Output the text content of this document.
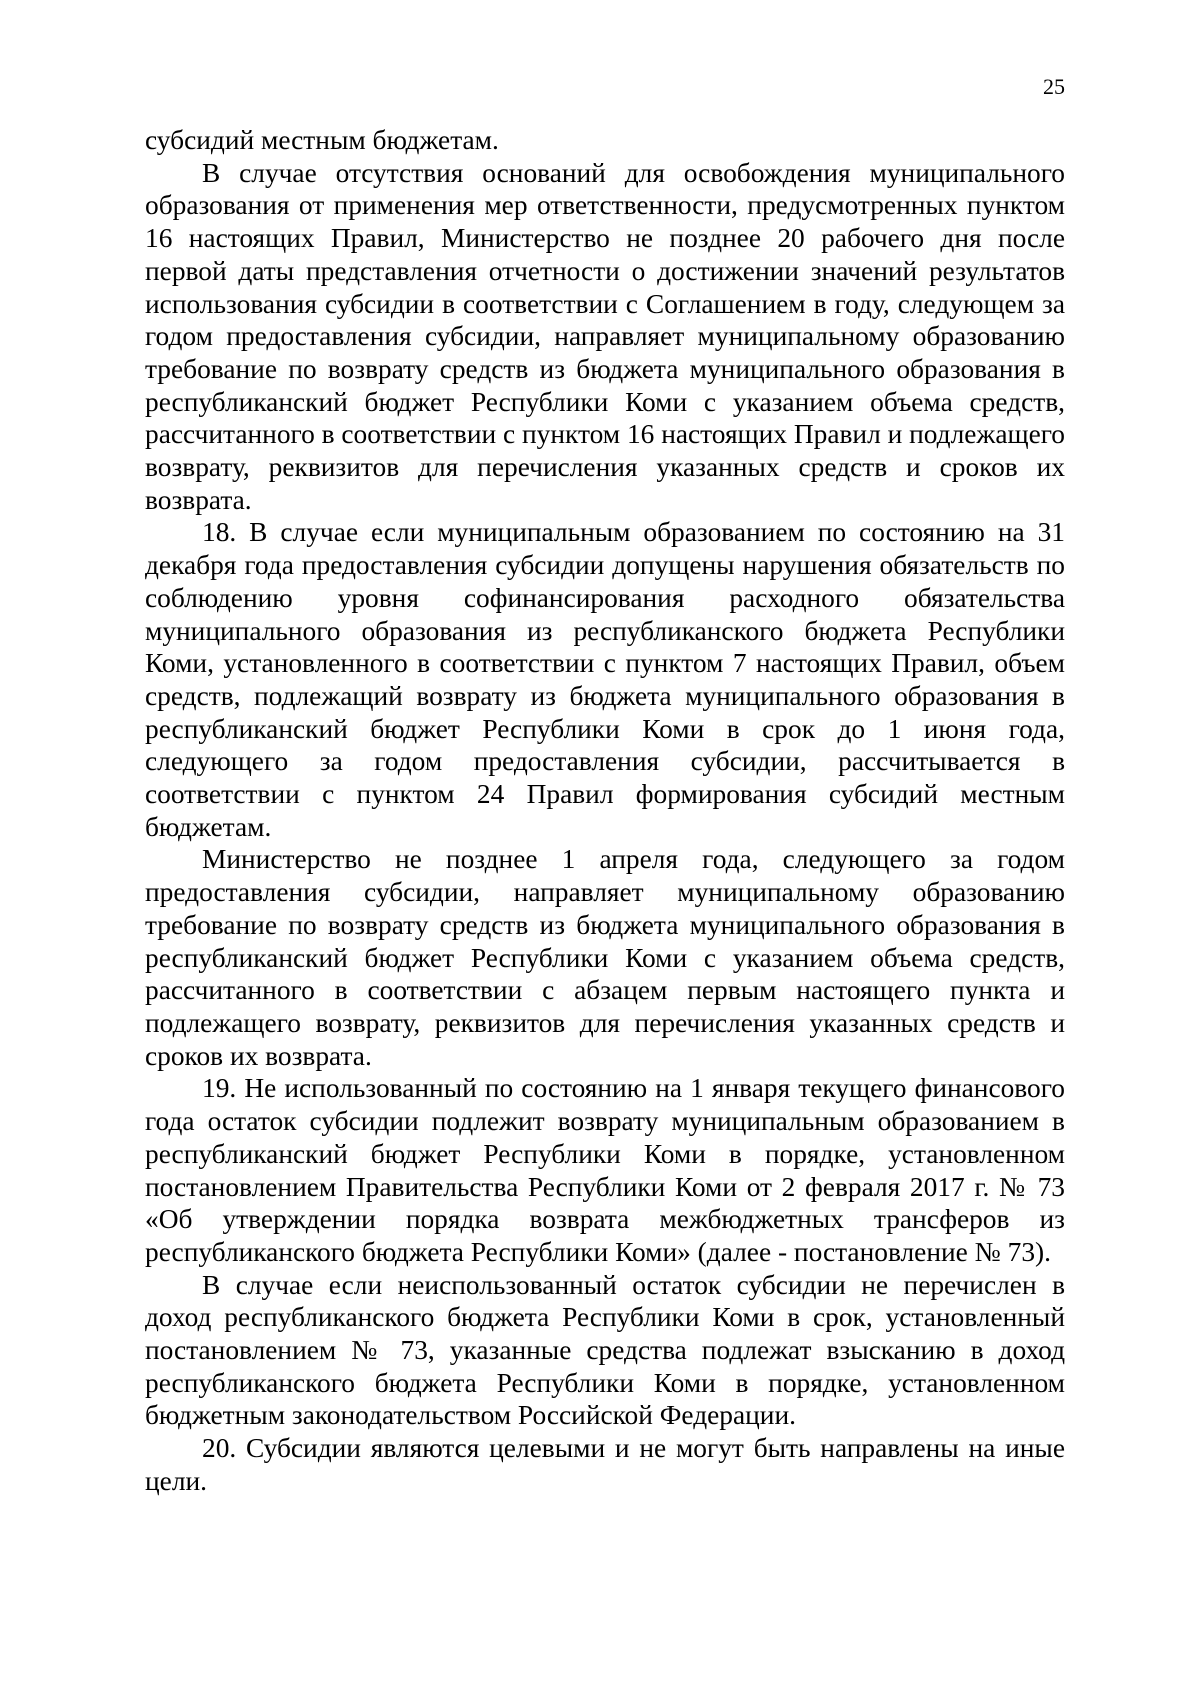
25

субсидий местным бюджетам.

В случае отсутствия оснований для освобождения муниципального образования от применения мер ответственности, предусмотренных пунктом 16 настоящих Правил, Министерство не позднее 20 рабочего дня после первой даты представления отчетности о достижении значений результатов использования субсидии в соответствии с Соглашением в году, следующем за годом предоставления субсидии, направляет муниципальному образованию требование по возврату средств из бюджета муниципального образования в республиканский бюджет Республики Коми с указанием объема средств, рассчитанного в соответствии с пунктом 16 настоящих Правил и подлежащего возврату, реквизитов для перечисления указанных средств и сроков их возврата.

18. В случае если муниципальным образованием по состоянию на 31 декабря года предоставления субсидии допущены нарушения обязательств по соблюдению уровня софинансирования расходного обязательства муниципального образования из республиканского бюджета Республики Коми, установленного в соответствии с пунктом 7 настоящих Правил, объем средств, подлежащий возврату из бюджета муниципального образования в республиканский бюджет Республики Коми в срок до 1 июня года, следующего за годом предоставления субсидии, рассчитывается в соответствии с пунктом 24 Правил формирования субсидий местным бюджетам.

Министерство не позднее 1 апреля года, следующего за годом предоставления субсидии, направляет муниципальному образованию требование по возврату средств из бюджета муниципального образования в республиканский бюджет Республики Коми с указанием объема средств, рассчитанного в соответствии с абзацем первым настоящего пункта и подлежащего возврату, реквизитов для перечисления указанных средств и сроков их возврата.

19. Не использованный по состоянию на 1 января текущего финансового года остаток субсидии подлежит возврату муниципальным образованием в республиканский бюджет Республики Коми в порядке, установленном постановлением Правительства Республики Коми от 2 февраля 2017 г. № 73 «Об утверждении порядка возврата межбюджетных трансферов из республиканского бюджета Республики Коми» (далее - постановление № 73).

В случае если неиспользованный остаток субсидии не перечислен в доход республиканского бюджета Республики Коми в срок, установленный постановлением № 73, указанные средства подлежат взысканию в доход республиканского бюджета Республики Коми в порядке, установленном бюджетным законодательством Российской Федерации.

20. Субсидии являются целевыми и не могут быть направлены на иные цели.
